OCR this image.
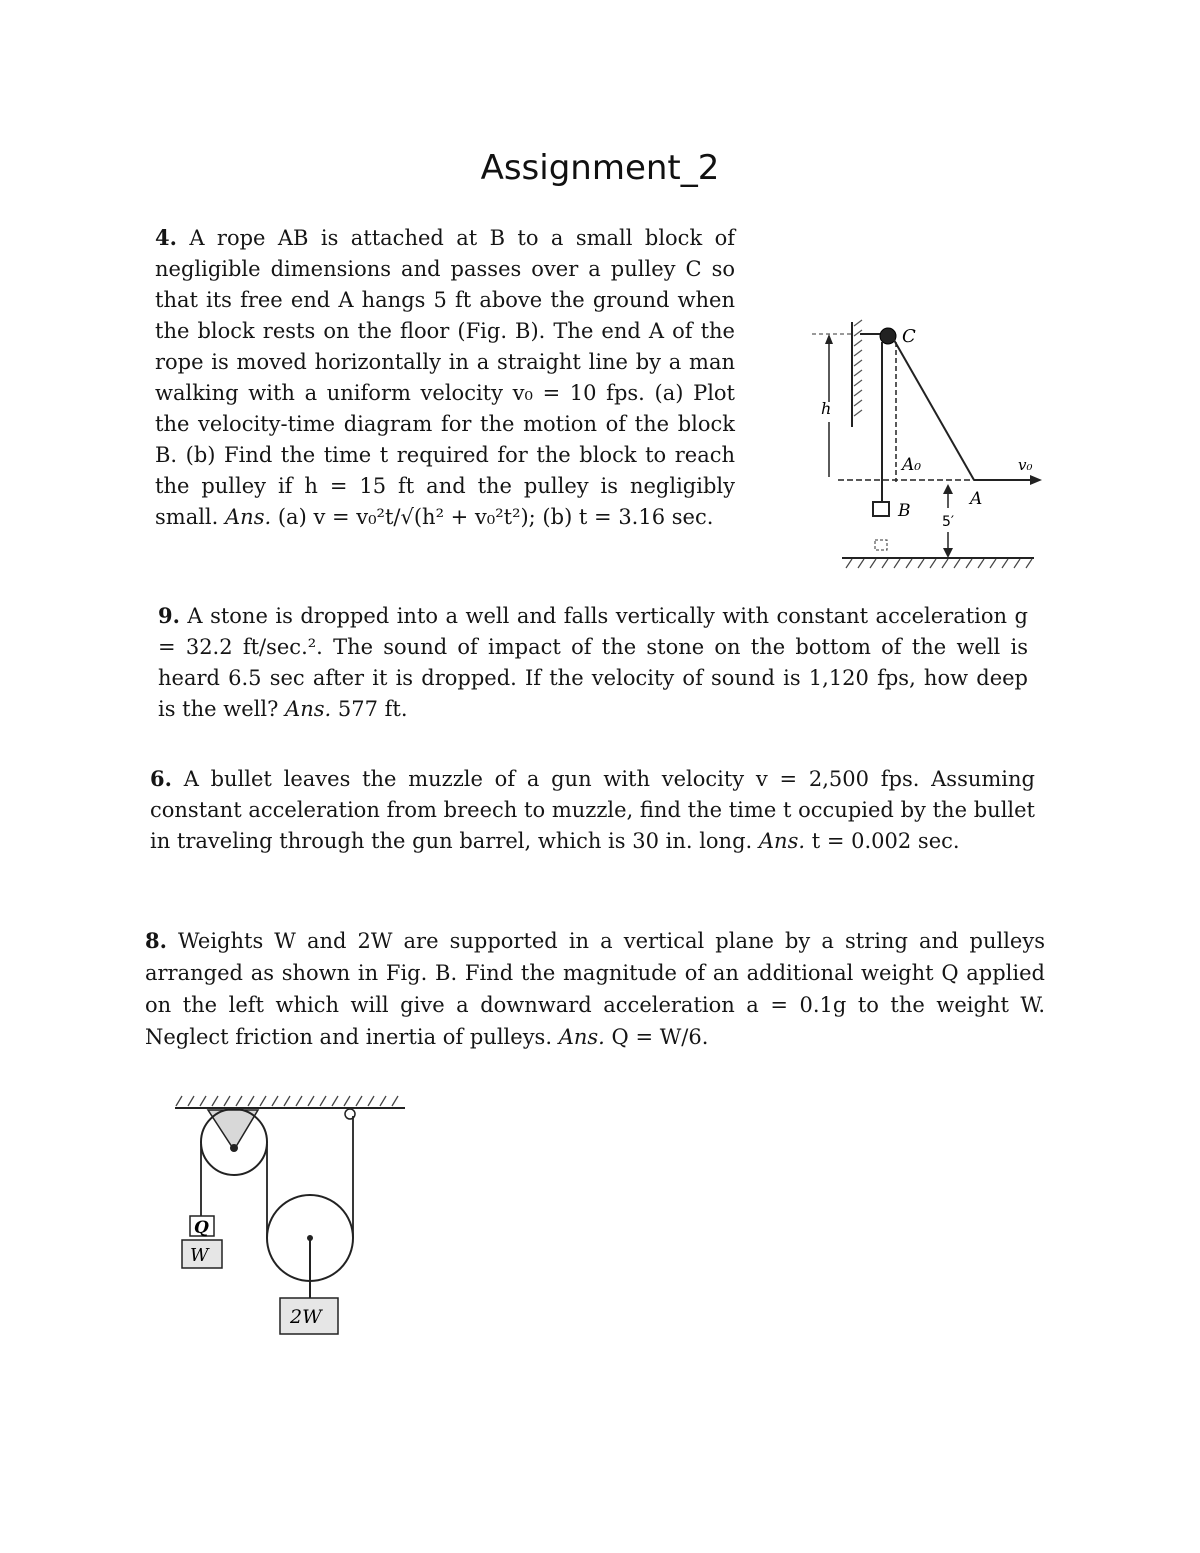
Assignment_2
4. A rope AB is attached at B to a small block of negligible dimensions and passes over a pulley C so that its free end A hangs 5 ft above the ground when the block rests on the floor (Fig. B). The end A of the rope is moved horizontally in a straight line by a man walking with a uniform velocity v₀ = 10 fps. (a) Plot the velocity-time diagram for the motion of the block B. (b) Find the time t required for the block to reach the pulley if h = 15 ft and the pulley is negligibly small. Ans. (a) v = v₀²t/√(h² + v₀²t²); (b) t = 3.16 sec.
C
h
A₀	v₀
A
B
5′
9. A stone is dropped into a well and falls vertically with constant acceleration g = 32.2 ft/sec.². The sound of impact of the stone on the bottom of the well is heard 6.5 sec after it is dropped. If the velocity of sound is 1,120 fps, how deep is the well? Ans. 577 ft.
6. A bullet leaves the muzzle of a gun with velocity v = 2,500 fps. Assuming constant acceleration from breech to muzzle, find the time t occupied by the bullet in traveling through the gun barrel, which is 30 in. long. Ans. t = 0.002 sec.
8. Weights W and 2W are supported in a vertical plane by a string and pulleys arranged as shown in Fig. B. Find the magnitude of an additional weight Q applied on the left which will give a downward acceleration a = 0.1g to the weight W. Neglect friction and inertia of pulleys. Ans. Q = W/6.
Q
W
2W
